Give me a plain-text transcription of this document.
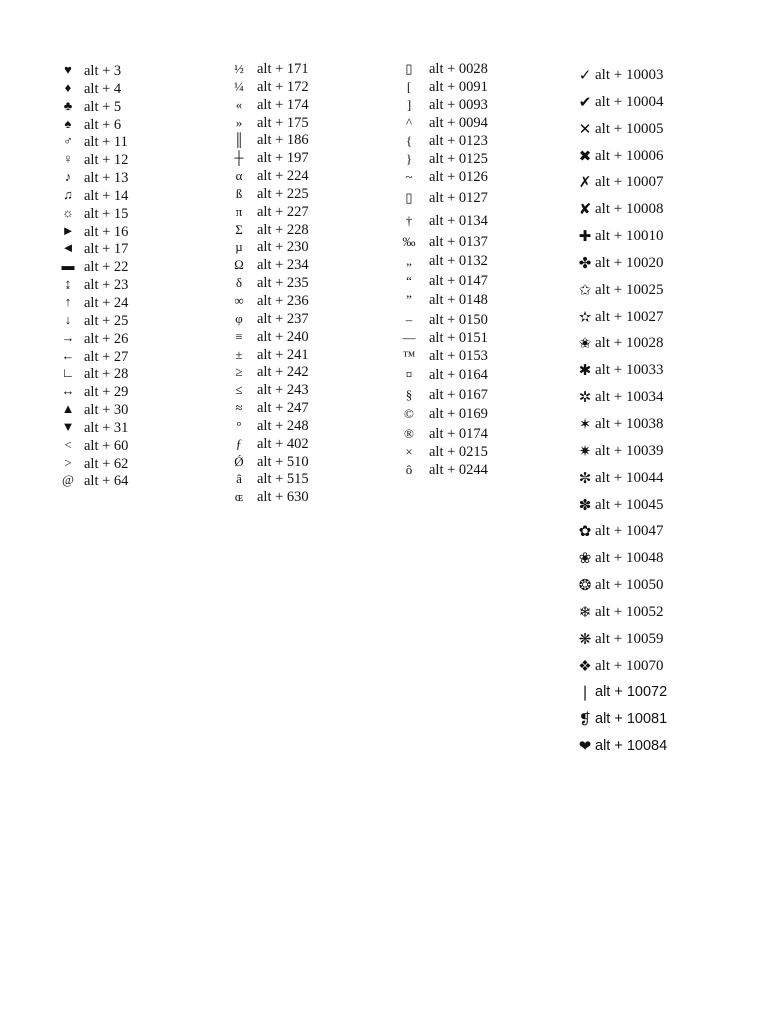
♥ alt + 3
♦ alt + 4
♣ alt + 5
♠ alt + 6
♂ alt + 11
♀ alt + 12
♪ alt + 13
♫ alt + 14
☼ alt + 15
► alt + 16
◄ alt + 17
▬ alt + 22
↨ alt + 23
↑ alt + 24
↓ alt + 25
→ alt + 26
← alt + 27
∟ alt + 28
↔ alt + 29
▲ alt + 30
▼ alt + 31
< alt + 60
> alt + 62
@ alt + 64
½ alt + 171
¼ alt + 172
«	alt + 174
»	alt + 175
║ alt + 186
┼ alt + 197
α	alt + 224
ß	alt + 225
π	alt + 227
Σ alt + 228
µ alt + 230
Ω alt + 234
δ	alt + 235
∞ alt + 236
φ alt + 237
≡ alt + 240
± alt + 241
≥ alt + 242
≤ alt + 243
≈ alt + 247
°	alt + 248
ƒ	alt + 402
Ǿ alt + 510
ȃ	alt + 515
ɶ alt + 630
▯	alt + 0028
[	alt + 0091
]	alt + 0093
^	alt + 0094
{	alt + 0123
}	alt + 0125
~	alt + 0126
▯	alt + 0127
†	alt + 0134
‰ alt + 0137
„	alt + 0132
“	alt + 0147
”	alt + 0148
–	alt + 0150
— alt + 0151
™ alt + 0153
¤	alt + 0164
§	alt + 0167
©	alt + 0169
®	alt + 0174
×	alt + 0215
ô	alt + 0244
✓ alt + 10003
✔ alt + 10004
✕ alt + 10005
✖ alt + 10006
✗ alt + 10007
✘ alt + 10008
✚ alt + 10010
✤ alt + 10020
✩ alt + 10025
✫ alt + 10027
✬ alt + 10028
✱ alt + 10033
✲ alt + 10034
✶ alt + 10038
✷ alt + 10039
✼ alt + 10044
✽ alt + 10045
✿ alt + 10047
❀ alt + 10048
❂ alt + 10050
❄ alt + 10052
❋ alt + 10059
❖ alt + 10070
❘ alt + 10072
❡ alt + 10081
❤ alt + 10084
